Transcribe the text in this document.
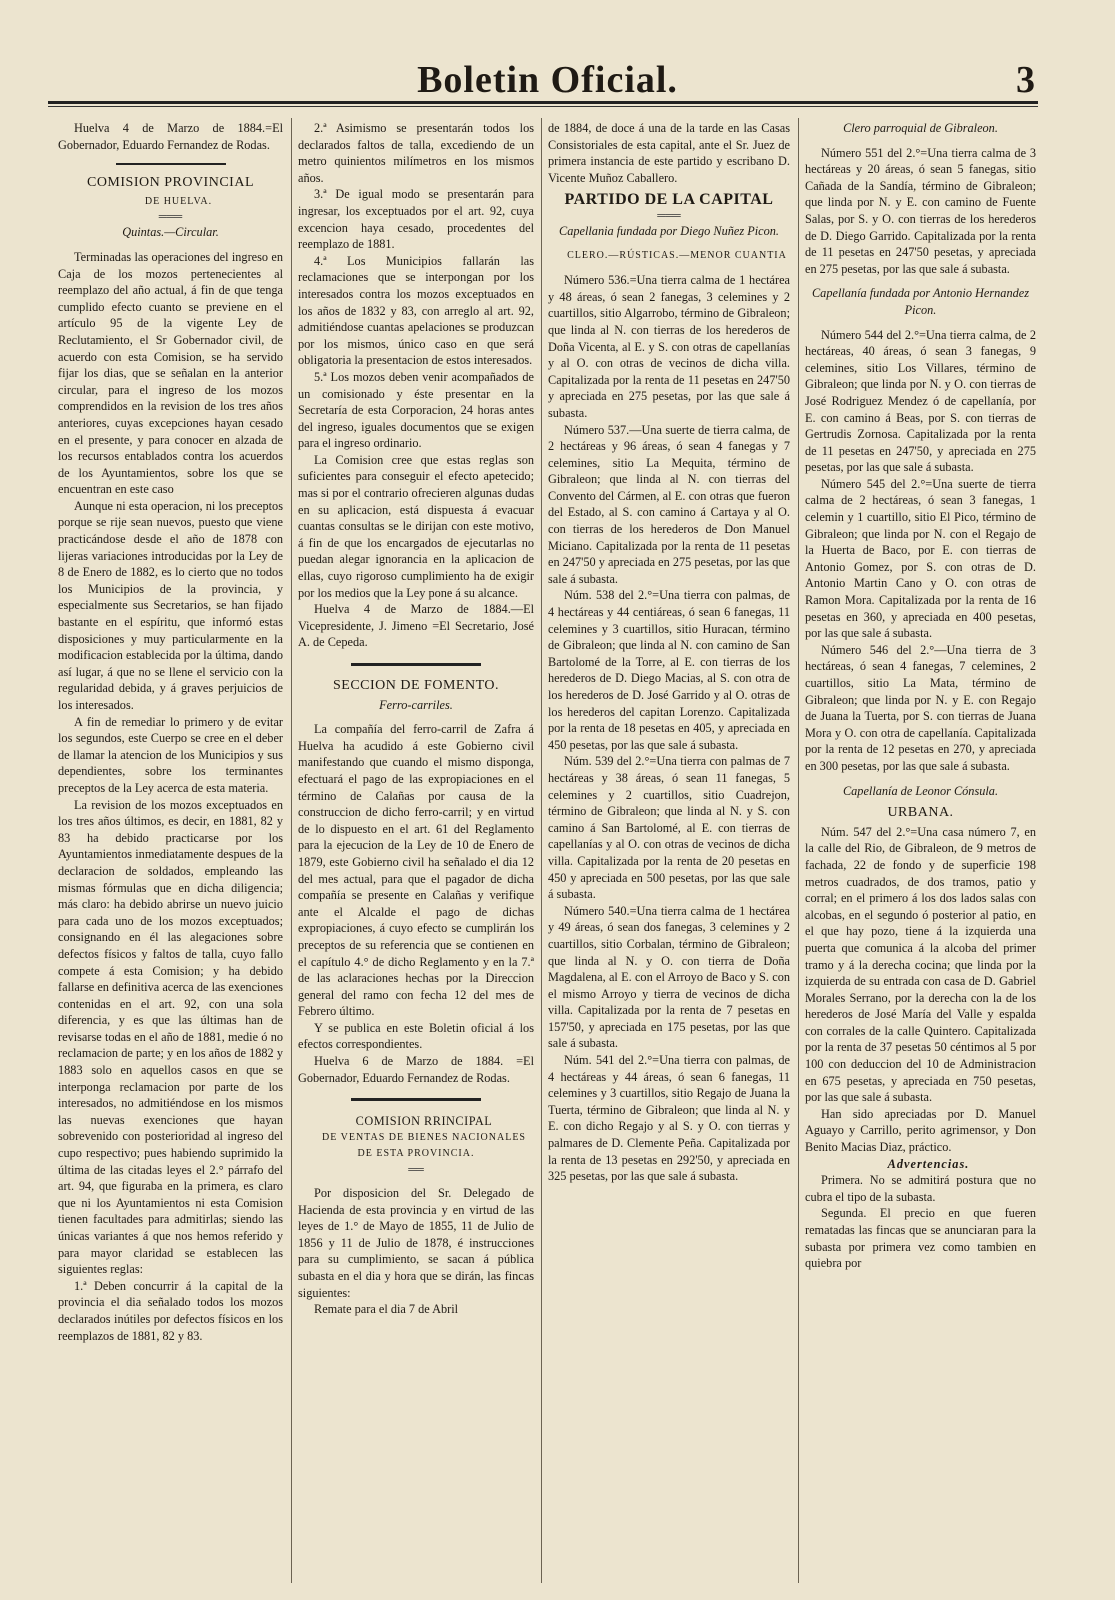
Boletin Oficial.	3

Huelva 4 de Marzo de 1884.=El Gobernador, Eduardo Fernandez de Rodas.

COMISION PROVINCIAL

DE HUELVA.

═══

Quintas.—Circular.

Terminadas las operaciones del ingreso en Caja de los mozos pertenecientes al reemplazo del año actual, á fin de que tenga cumplido efecto cuanto se previene en el artículo 95 de la vigente Ley de Reclutamiento, el Sr Gobernador civil, de acuerdo con esta Comision, se ha servido fijar los dias, que se señalan en la anterior circular, para el ingreso de los mozos comprendidos en la revision de los tres años anteriores, cuyas excepciones hayan cesado en el presente, y para conocer en alzada de los recursos entablados contra los acuerdos de los Ayuntamientos, sobre los que se encuentran en este caso

Aunque ni esta operacion, ni los preceptos porque se rije sean nuevos, puesto que viene practicándose desde el año de 1878 con lijeras variaciones introducidas por la Ley de 8 de Enero de 1882, es lo cierto que no todos los Municipios de la provincia, y especialmente sus Secretarios, se han fijado bastante en el espíritu, que informó estas disposiciones y muy particularmente en la modificacion establecida por la última, dando así lugar, á que no se llene el servicio con la regularidad debida, y á graves perjuicios de los interesados.

A fin de remediar lo primero y de evitar los segundos, este Cuerpo se cree en el deber de llamar la atencion de los Municipios y sus dependientes, sobre los terminantes preceptos de la Ley acerca de esta materia.

La revision de los mozos exceptuados en los tres años últimos, es decir, en 1881, 82 y 83 ha debido practicarse por los Ayuntamientos inmediatamente despues de la declaracion de soldados, empleando las mismas fórmulas que en dicha diligencia; más claro: ha debido abrirse un nuevo juicio para cada uno de los mozos exceptuados; consignando en él las alegaciones sobre defectos físicos y faltos de talla, cuyo fallo compete á esta Comision; y ha debido fallarse en definitiva acerca de las exenciones contenidas en el art. 92, con una sola diferencia, y es que las últimas han de revisarse todas en el año de 1881, medie ó no reclamacion de parte; y en los años de 1882 y 1883 solo en aquellos casos en que se interponga reclamacion por parte de los interesados, no admitiéndose en los mismos las nuevas exenciones que hayan sobrevenido con posterioridad al ingreso del cupo respectivo; pues habiendo suprimido la última de las citadas leyes el 2.° párrafo del art. 94, que figuraba en la primera, es claro que ni los Ayuntamientos ni esta Comision tienen facultades para admitirlas; siendo las únicas variantes á que nos hemos referido y para mayor claridad se establecen las siguientes reglas:

1.ª Deben concurrir á la capital de la provincia el dia señalado todos los mozos declarados inútiles por defectos físicos en los reemplazos de 1881, 82 y 83.

2.ª Asimismo se presentarán todos los declarados faltos de talla, excediendo de un metro quinientos milímetros en los mismos años.

3.ª De igual modo se presentarán para ingresar, los exceptuados por el art. 92, cuya excencion haya cesado, procedentes del reemplazo de 1881.

4.ª Los Municipios fallarán las reclamaciones que se interpongan por los interesados contra los mozos exceptuados en los años de 1832 y 83, con arreglo al art. 92, admitiéndose cuantas apelaciones se produzcan por los mismos, único caso en que será obligatoria la presentacion de estos interesados.

5.ª Los mozos deben venir acompañados de un comisionado y éste presentar en la Secretaría de esta Corporacion, 24 horas antes del ingreso, iguales documentos que se exigen para el ingreso ordinario.

La Comision cree que estas reglas son suficientes para conseguir el efecto apetecido; mas si por el contrario ofrecieren algunas dudas en su aplicacion, está dispuesta á evacuar cuantas consultas se le dirijan con este motivo, á fin de que los encargados de ejecutarlas no puedan alegar ignorancia en la aplicacion de ellas, cuyo rigoroso cumplimiento ha de exigir por los medios que la Ley pone á su alcance.

Huelva 4 de Marzo de 1884.—El Vicepresidente, J. Jimeno =El Secretario, José A. de Cepeda.

SECCION DE FOMENTO.

Ferro-carriles.

La compañía del ferro-carril de Zafra á Huelva ha acudido á este Gobierno civil manifestando que cuando el mismo disponga, efectuará el pago de las expropiaciones en el término de Calañas por causa de la construccion de dicho ferro-carril; y en virtud de lo dispuesto en el art. 61 del Reglamento para la ejecucion de la Ley de 10 de Enero de 1879, este Gobierno civil ha señalado el dia 12 del mes actual, para que el pagador de dicha compañía se presente en Calañas y verifique ante el Alcalde el pago de dichas expropiaciones, á cuyo efecto se cumplirán los preceptos de su referencia que se contienen en el capítulo 4.° de dicho Reglamento y en la 7.ª de las aclaraciones hechas por la Direccion general del ramo con fecha 12 del mes de Febrero último.

Y se publica en este Boletin oficial á los efectos correspondientes.

Huelva 6 de Marzo de 1884. =El Gobernador, Eduardo Fernandez de Rodas.

COMISION RRINCIPAL

DE VENTAS DE BIENES NACIONALES DE ESTA PROVINCIA.

══

Por disposicion del Sr. Delegado de Hacienda de esta provincia y en virtud de las leyes de 1.° de Mayo de 1855, 11 de Julio de 1856 y 11 de Julio de 1878, é instrucciones para su cumplimiento, se sacan á pública subasta en el dia y hora que se dirán, las fincas siguientes:

Remate para el dia 7 de Abril

de 1884, de doce á una de la tarde en las Casas Consistoriales de esta capital, ante el Sr. Juez de primera instancia de este partido y escribano D. Vicente Muñoz Caballero.

PARTIDO DE LA CAPITAL

═══

Capellania fundada por Diego Nuñez Picon.

CLERO.—RÚSTICAS.—MENOR CUANTIA

Número 536.=Una tierra calma de 1 hectárea y 48 áreas, ó sean 2 fanegas, 3 celemines y 2 cuartillos, sitio Algarrobo, término de Gibraleon; que linda al N. con tierras de los herederos de Doña Vicenta, al E. y S. con otras de capellanías y al O. con otras de vecinos de dicha villa. Capitalizada por la renta de 11 pesetas en 247'50 y apreciada en 275 pesetas, por las que sale á subasta.

Número 537.—Una suerte de tierra calma, de 2 hectáreas y 96 áreas, ó sean 4 fanegas y 7 celemines, sitio La Mequita, término de Gibraleon; que linda al N. con tierras del Convento del Cármen, al E. con otras que fueron del Estado, al S. con camino á Cartaya y al O. con tierras de los herederos de Don Manuel Miciano. Capitalizada por la renta de 11 pesetas en 247'50 y apreciada en 275 pesetas, por las que sale á subasta.

Núm. 538 del 2.°=Una tierra con palmas, de 4 hectáreas y 44 centiáreas, ó sean 6 fanegas, 11 celemines y 3 cuartillos, sitio Huracan, término de Gibraleon; que linda al N. con camino de San Bartolomé de la Torre, al E. con tierras de los herederos de D. Diego Macias, al S. con otra de los herederos de D. José Garrido y al O. otras de los herederos del capitan Lorenzo. Capitalizada por la renta de 18 pesetas en 405, y apreciada en 450 pesetas, por las que sale á subasta.

Núm. 539 del 2.°=Una tierra con palmas de 7 hectáreas y 38 áreas, ó sean 11 fanegas, 5 celemines y 2 cuartillos, sitio Cuadrejon, término de Gibraleon; que linda al N. y S. con camino á San Bartolomé, al E. con tierras de capellanías y al O. con otras de vecinos de dicha villa. Capitalizada por la renta de 20 pesetas en 450 y apreciada en 500 pesetas, por las que sale á subasta.

Número 540.=Una tierra calma de 1 hectárea y 49 áreas, ó sean dos fanegas, 3 celemines y 2 cuartillos, sitio Corbalan, término de Gibraleon; que linda al N. y O. con tierra de Doña Magdalena, al E. con el Arroyo de Baco y S. con el mismo Arroyo y tierra de vecinos de dicha villa. Capitalizada por la renta de 7 pesetas en 157'50, y apreciada en 175 pesetas, por las que sale á subasta.

Núm. 541 del 2.°=Una tierra con palmas, de 4 hectáreas y 44 áreas, ó sean 6 fanegas, 11 celemines y 3 cuartillos, sitio Regajo de Juana la Tuerta, término de Gibraleon; que linda al N. y E. con dicho Regajo y al S. y O. con tierras y palmares de D. Clemente Peña. Capitalizada por la renta de 13 pesetas en 292'50, y apreciada en 325 pesetas, por las que sale á subasta.

Clero parroquial de Gibraleon.

Número 551 del 2.°=Una tierra calma de 3 hectáreas y 20 áreas, ó sean 5 fanegas, sitio Cañada de la Sandía, término de Gibraleon; que linda por N. y E. con camino de Fuente Salas, por S. y O. con tierras de los herederos de D. Diego Garrido. Capitalizada por la renta de 11 pesetas en 247'50 pesetas, y apreciada en 275 pesetas, por las que sale á subasta.

Capellanía fundada por Antonio Hernandez Picon.

Número 544 del 2.°=Una tierra calma, de 2 hectáreas, 40 áreas, ó sean 3 fanegas, 9 celemines, sitio Los Villares, término de Gibraleon; que linda por N. y O. con tierras de José Rodriguez Mendez ó de capellanía, por E. con camino á Beas, por S. con tierras de Gertrudis Zornosa. Capitalizada por la renta de 11 pesetas en 247'50, y apreciada en 275 pesetas, por las que sale á subasta.

Número 545 del 2.°=Una suerte de tierra calma de 2 hectáreas, ó sean 3 fanegas, 1 celemin y 1 cuartillo, sitio El Pico, término de Gibraleon; que linda por N. con el Regajo de la Huerta de Baco, por E. con tierras de Antonio Gomez, por S. con otras de D. Antonio Martin Cano y O. con otras de Ramon Mora. Capitalizada por la renta de 16 pesetas en 360, y apreciada en 400 pesetas, por las que sale á subasta.

Número 546 del 2.°—Una tierra de 3 hectáreas, ó sean 4 fanegas, 7 celemines, 2 cuartillos, sitio La Mata, término de Gibraleon; que linda por N. y E. con Regajo de Juana la Tuerta, por S. con tierras de Juana Mora y O. con otra de capellanía. Capitalizada por la renta de 12 pesetas en 270, y apreciada en 300 pesetas, por las que sale á subasta.

Capellanía de Leonor Cónsula.

URBANA.

Núm. 547 del 2.°=Una casa número 7, en la calle del Rio, de Gibraleon, de 9 metros de fachada, 22 de fondo y de superficie 198 metros cuadrados, de dos tramos, patio y corral; en el primero á los dos lados salas con alcobas, en el segundo ó posterior al patio, en el que hay pozo, tiene á la izquierda una puerta que comunica á la alcoba del primer tramo y á la derecha cocina; que linda por la izquierda de su entrada con casa de D. Gabriel Morales Serrano, por la derecha con la de los herederos de José María del Valle y espalda con corrales de la calle Quintero. Capitalizada por la renta de 37 pesetas 50 céntimos al 5 por 100 con deduccion del 10 de Administracion en 675 pesetas, y apreciada en 750 pesetas, por las que sale á subasta.

Han sido apreciadas por D. Manuel Aguayo y Carrillo, perito agrimensor, y Don Benito Macias Diaz, práctico.

Advertencias.

Primera. No se admitirá postura que no cubra el tipo de la subasta.

Segunda. El precio en que fueren rematadas las fincas que se anunciaran para la subasta por primera vez como tambien en quiebra por
